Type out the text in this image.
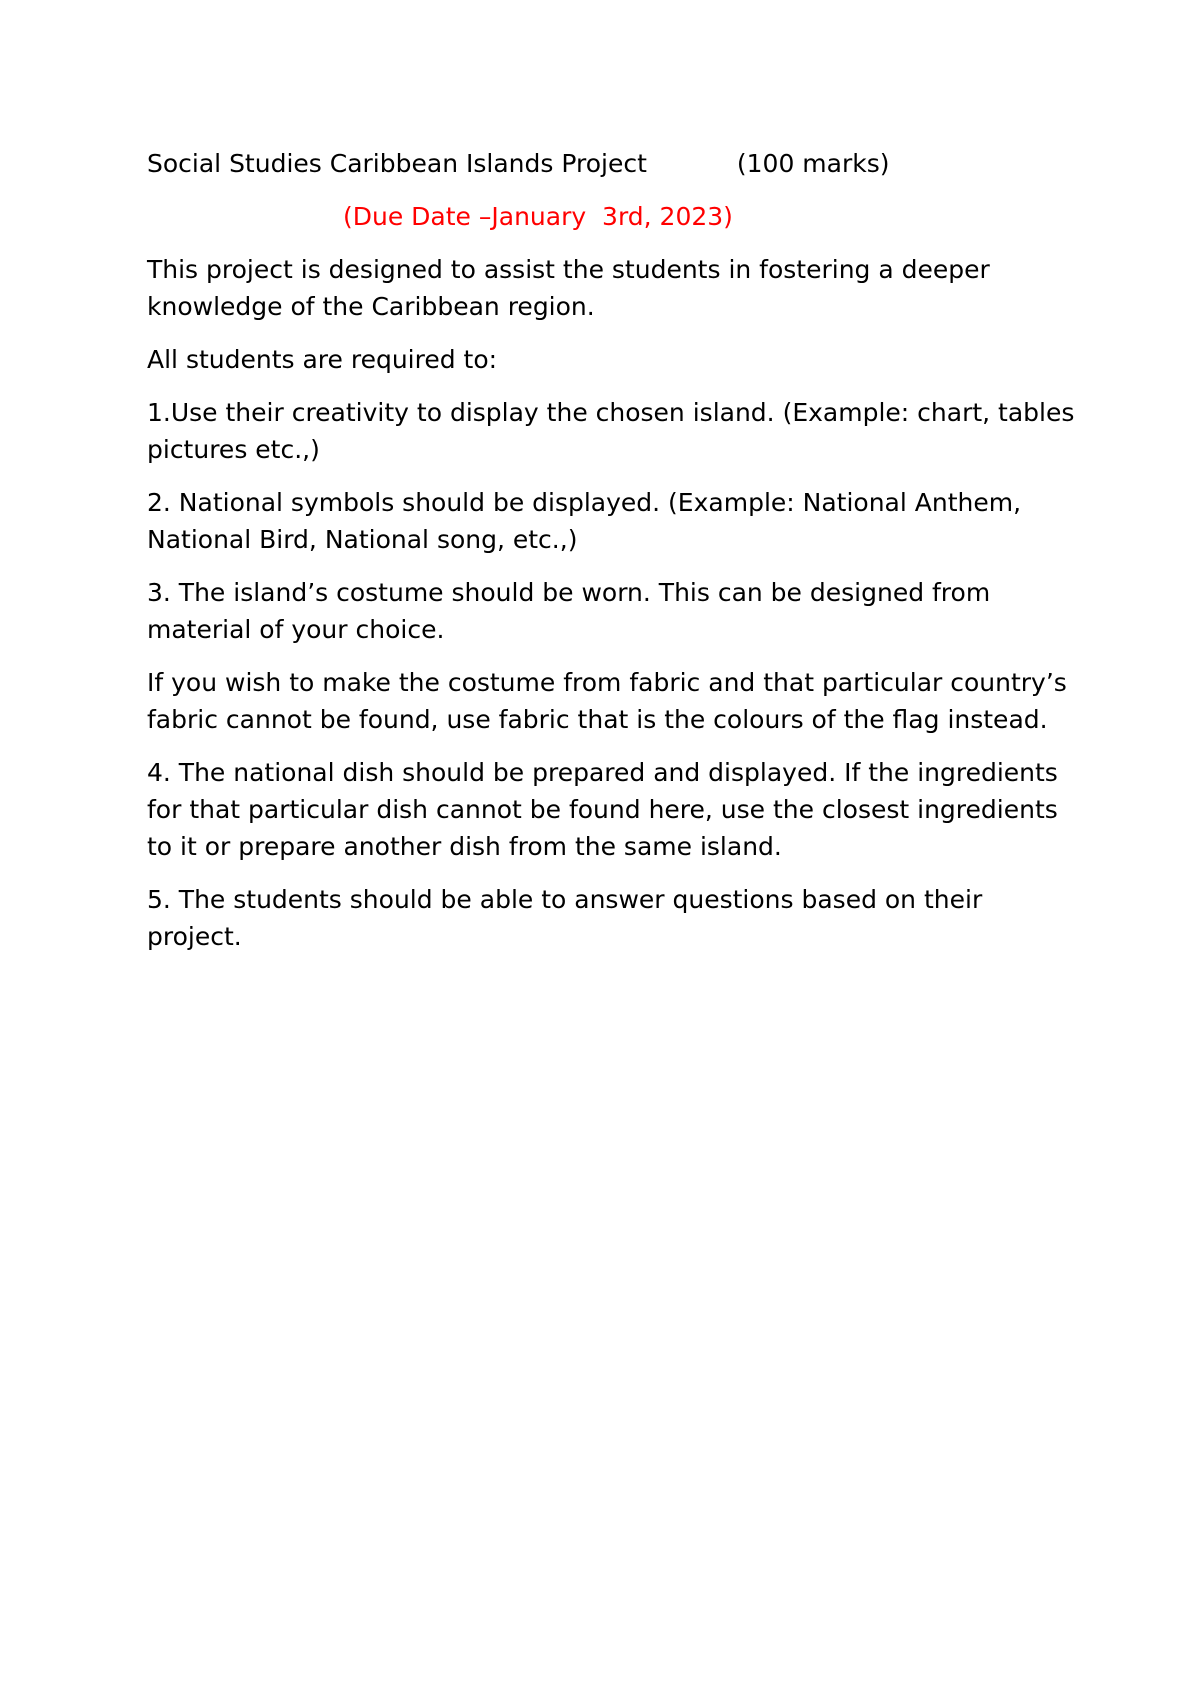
Social Studies Caribbean Islands Project	(100 marks)

(Due Date –January  3rd, 2023)

This project is designed to assist the students in fostering a deeper knowledge of the Caribbean region.

All students are required to:

1.Use their creativity to display the chosen island. (Example: chart, tables pictures etc.,)

2. National symbols should be displayed. (Example: National Anthem, National Bird, National song, etc.,)

3. The island’s costume should be worn. This can be designed from material of your choice.

If you wish to make the costume from fabric and that particular country’s fabric cannot be found, use fabric that is the colours of the flag instead.

4. The national dish should be prepared and displayed. If the ingredients for that particular dish cannot be found here, use the closest ingredients to it or prepare another dish from the same island.

5. The students should be able to answer questions based on their project.
